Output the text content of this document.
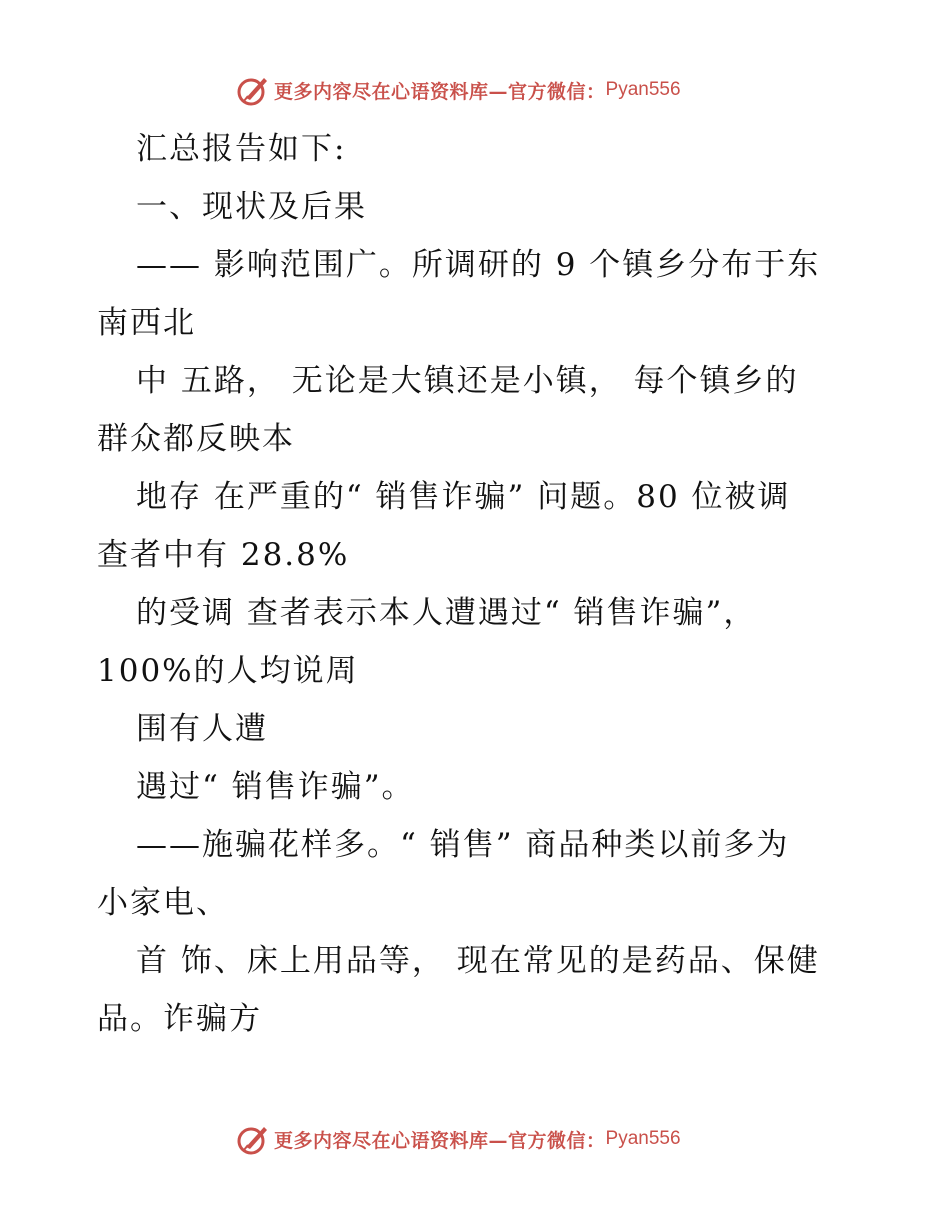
更多内容尽在心语资料库—官方微信： Pyan556
汇总报告如下:
一、现状及后果
—— 影响范围广。所调研的 9 个镇乡分布于东
南西北
中 五路， 无论是大镇还是小镇， 每个镇乡的
群众都反映本
地存 在严重的“ 销售诈骗” 问题。80 位被调
查者中有 28.8%
的受调 查者表示本人遭遇过“ 销售诈骗”，
100%的人均说周
围有人遭
遇过“ 销售诈骗”。
——施骗花样多。“ 销售” 商品种类以前多为
小家电、
首 饰、床上用品等， 现在常见的是药品、保健
品。诈骗方
更多内容尽在心语资料库—官方微信： Pyan556
